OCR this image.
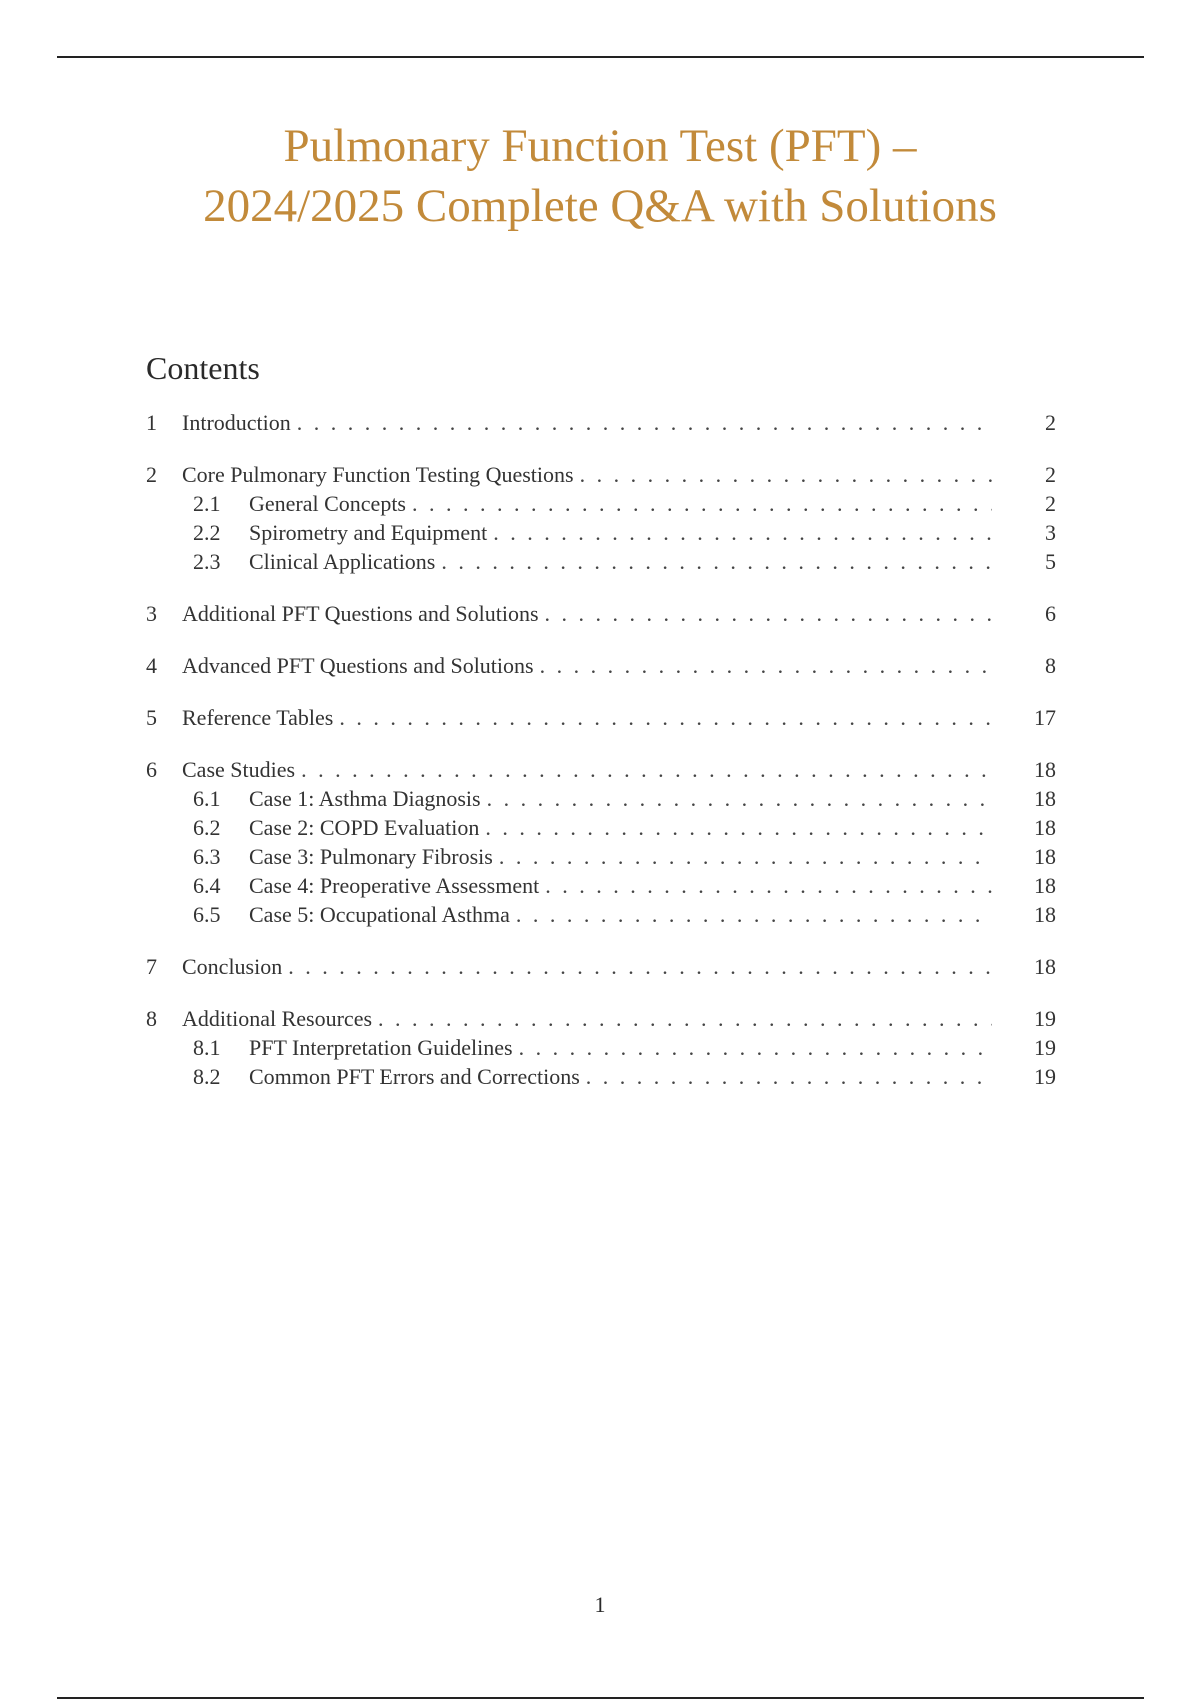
Pulmonary Function Test (PFT) –
2024/2025 Complete Q&A with Solutions
Contents
1	Introduction . . .	2
2	Core Pulmonary Function Testing Questions . . .	2
2.1	General Concepts . . .	2
2.2	Spirometry and Equipment . . .	3
2.3	Clinical Applications . . .	5
3	Additional PFT Questions and Solutions . . .	6
4	Advanced PFT Questions and Solutions . . .	8
5	Reference Tables . . .	17
6	Case Studies . . .	18
6.1	Case 1: Asthma Diagnosis . . .	18
6.2	Case 2: COPD Evaluation . . .	18
6.3	Case 3: Pulmonary Fibrosis . . .	18
6.4	Case 4: Preoperative Assessment . . .	18
6.5	Case 5: Occupational Asthma . . .	18
7	Conclusion . . .	18
8	Additional Resources . . .	19
8.1	PFT Interpretation Guidelines . . .	19
8.2	Common PFT Errors and Corrections . . .	19
1
